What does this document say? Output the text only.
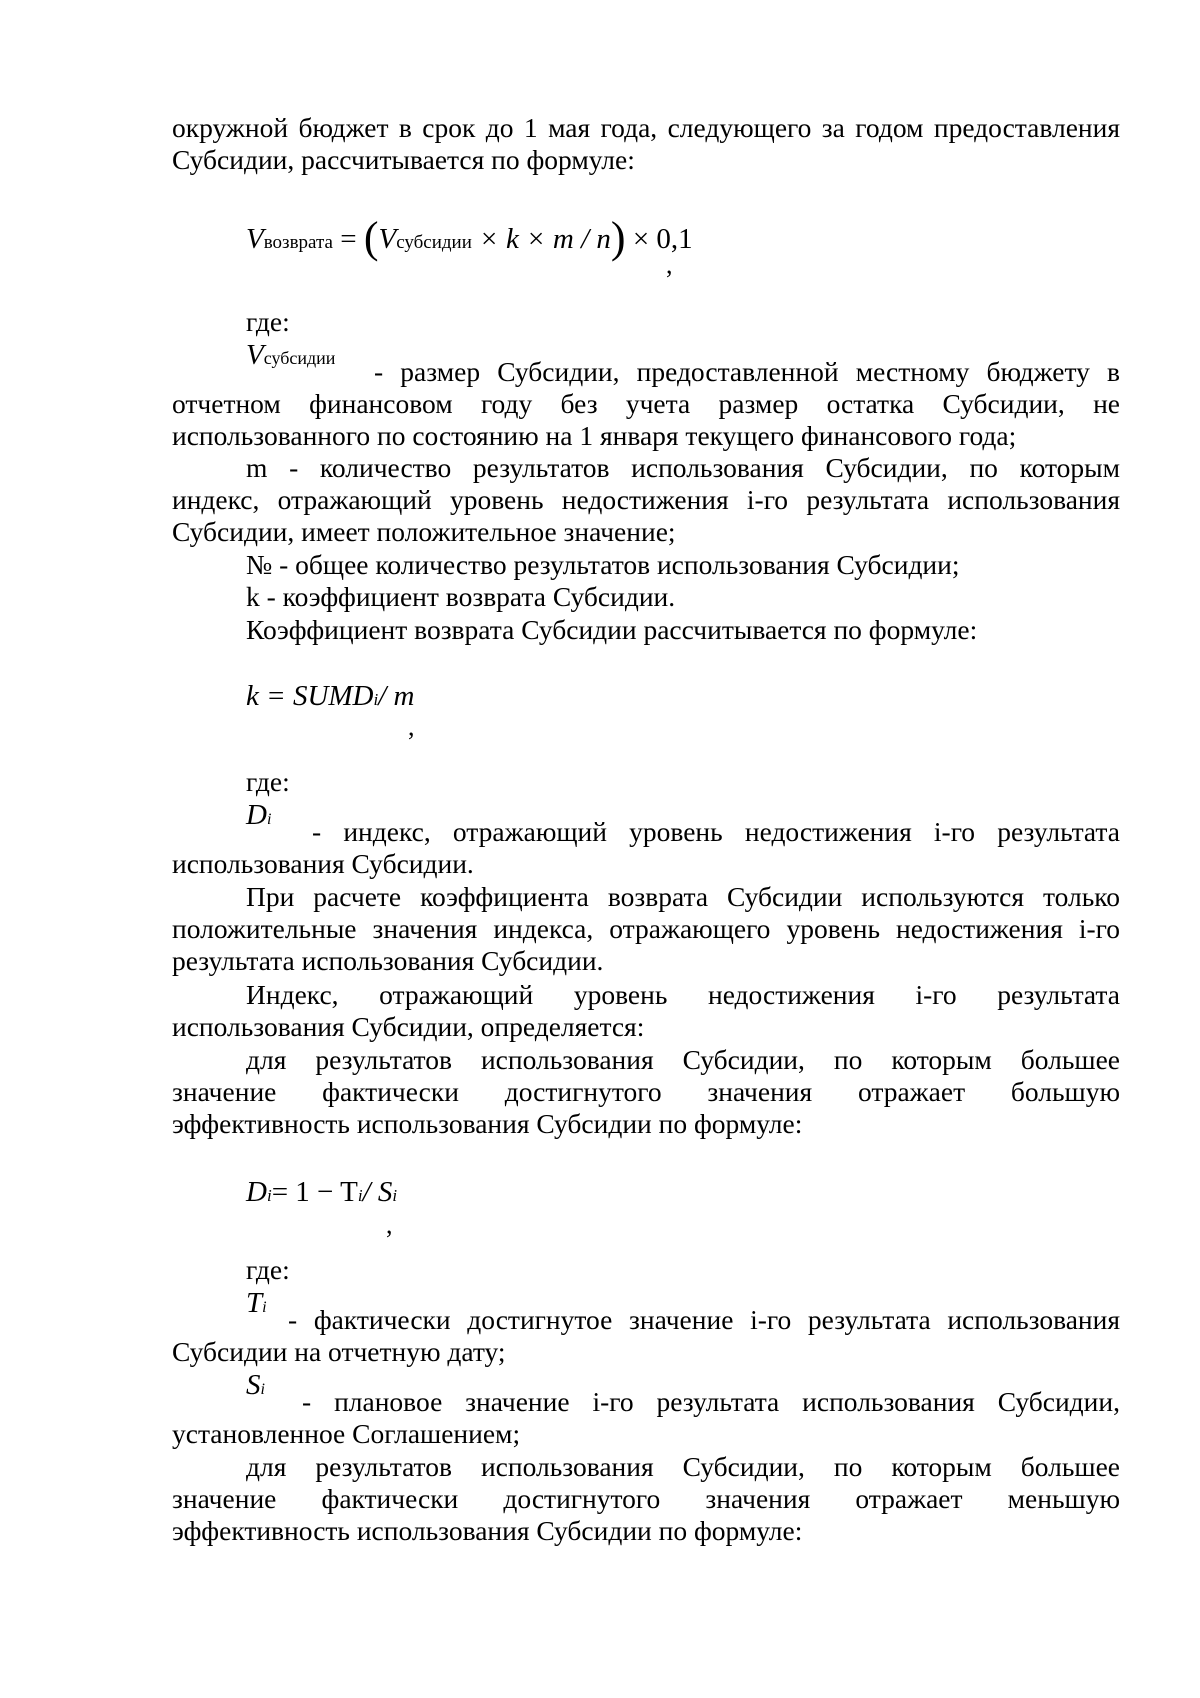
окружной бюджет в срок до 1 мая года, следующего за годом предоставления
Субсидии, рассчитывается по формуле:
Vвозврата = (Vсубсидии × k × m / n) × 0,1
,
где:
Vсубсидии - размер Субсидии, предоставленной местному бюджету в
отчетном финансовом году без учета размер остатка Субсидии, не
использованного по состоянию на 1 января текущего финансового года;
m - количество результатов использования Субсидии, по которым
индекс, отражающий уровень недостижения i-го результата использования
Субсидии, имеет положительное значение;
№ - общее количество результатов использования Субсидии;
k - коэффициент возврата Субсидии.
Коэффициент возврата Субсидии рассчитывается по формуле:
k = SUMDi/ m
,
где:
Di - индекс, отражающий уровень недостижения i-го результата
использования Субсидии.
При расчете коэффициента возврата Субсидии используются только
положительные значения индекса, отражающего уровень недостижения i-го
результата использования Субсидии.
Индекс, отражающий уровень недостижения i-го результата
использования Субсидии, определяется:
для результатов использования Субсидии, по которым большее
значение фактически достигнутого значения отражает большую
эффективность использования Субсидии по формуле:
Di= 1 − Ti/ Si
,
где:
Ti - фактически достигнутое значение i-го результата использования
Субсидии на отчетную дату;
Si - плановое значение i-го результата использования Субсидии,
установленное Соглашением;
для результатов использования Субсидии, по которым большее
значение фактически достигнутого значения отражает меньшую
эффективность использования Субсидии по формуле:
